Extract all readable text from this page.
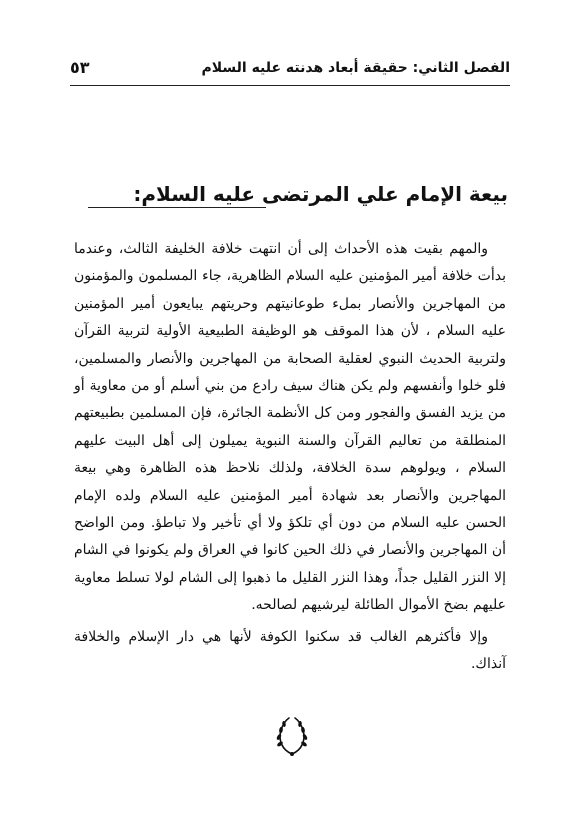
الفصل الثاني: حقيقة أبعاد هدنته عليه السلام
٥٣
بيعة الإمام علي المرتضى عليه السلام:

والمهم بقيت هذه الأحداث إلى أن انتهت خلافة الخليفة الثالث، وعندما بدأت خلافة أمير المؤمنين عليه السلام الظاهرية، جاء المسلمون والمؤمنون من المهاجرين والأنصار بملء طوعانيتهم وحريتهم يبايعون أمير المؤمنين عليه السلام ، لأن هذا الموقف هو الوظيفة الطبيعية الأولية لتربية القرآن ولتربية الحديث النبوي لعقلية الصحابة من المهاجرين والأنصار والمسلمين، فلو خلوا وأنفسهم ولم يكن هناك سيف رادع من بني أسلم أو من معاوية أو من يزيد الفسق والفجور ومن كل الأنظمة الجائرة، فإن المسلمين بطبيعتهم المنطلقة من تعاليم القرآن والسنة النبوية يميلون إلى أهل البيت عليهم السلام ، ويولوهم سدة الخلافة، ولذلك نلاحظ هذه الظاهرة وهي بيعة المهاجرين والأنصار بعد شهادة أمير المؤمنين عليه السلام ولده الإمام الحسن عليه السلام من دون أي تلكؤ ولا أي تأخير ولا تباطؤ. ومن الواضح أن المهاجرين والأنصار في ذلك الحين كانوا في العراق ولم يكونوا في الشام إلا النزر القليل جداً، وهذا النزر القليل ما ذهبوا إلى الشام لولا تسلط معاوية عليهم بضخ الأموال الطائلة ليرشيهم لصالحه.

وإلا فأكثرهم الغالب قد سكنوا الكوفة لأنها هي دار الإسلام والخلافة آنذاك.
